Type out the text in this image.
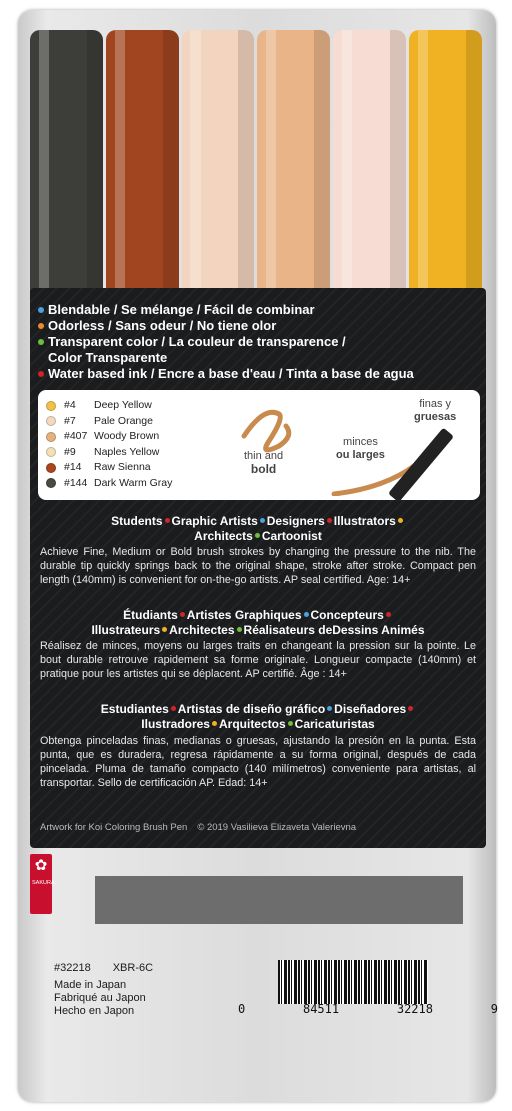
Blendable / Se mélange / Fácil de combinar
Odorless / Sans odeur / No tiene olor
Transparent color / La couleur de transparence /
Color Transparente
Water based ink / Encre a base d'eau / Tinta a base de agua
#4	Deep Yellow
#7	Pale Orange
#407 Woody Brown
#9	Naples Yellow
#14	Raw Sienna
#144 Dark Warm Gray
thin and
bold
minces
ou larges
finas y
gruesas
Students Graphic Artists Designers Illustrators
Architects Cartoonist
Achieve Fine, Medium or Bold brush strokes by changing the pressure to the nib. The durable tip quickly springs back to the original shape, stroke after stroke. Compact pen length (140mm) is convenient for on-the-go artists. AP seal certified. Age: 14+
Étudiants Artistes Graphiques Concepteurs
Illustrateurs Architectes Réalisateurs deDessins Animés
Réalisez de minces, moyens ou larges traits en changeant la pression sur la pointe. Le bout durable retrouve rapidement sa forme originale. Longueur compacte (140mm) et pratique pour les artistes qui se déplacent. AP certifié. Âge : 14+
Estudiantes Artistas de diseño gráfico Diseñadores
Ilustradores Arquitectos Caricaturistas
Obtenga pinceladas finas, medianas o gruesas, ajustando la presión en la punta. Esta punta, que es duradera, regresa rápidamente a su forma original, después de cada pincelada. Pluma de tamaño compacto (140 milímetros) conveniente para artistas, al transportar. Sello de certificación AP. Edad: 14+
Artwork for Koi Coloring Brush Pen © 2019 Vasilieva Elizaveta Valerievna
✿
SAKURA
#32218 XBR-6C
Made in Japan
Fabriqué au Japon
Hecho en Japon	0	84511	32218	9
